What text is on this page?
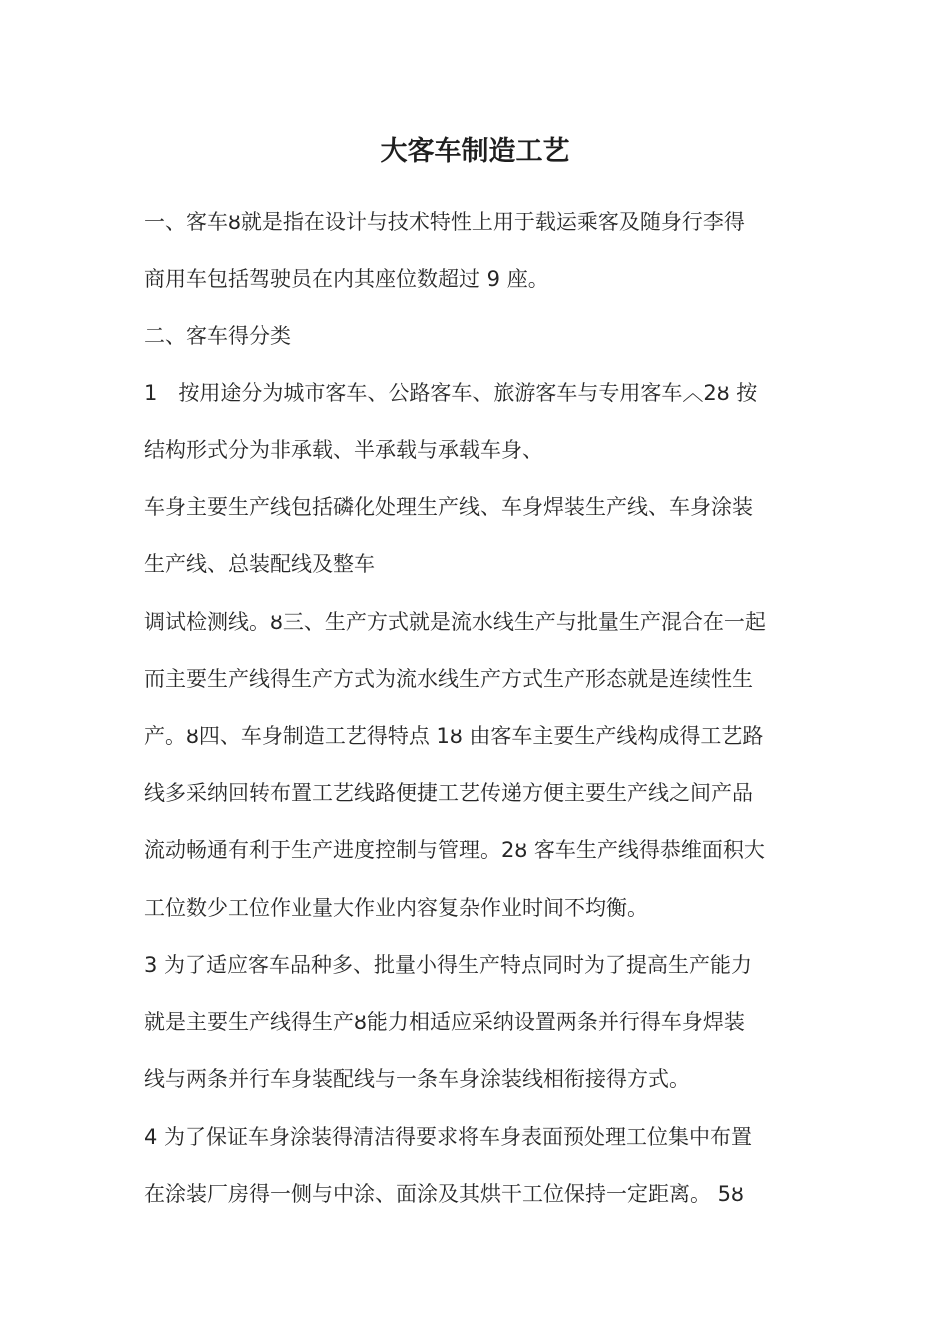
大客车制造工艺
一、客车ȣ就是指在设计与技术特性上用于载运乘客及随身行李得
商用车包括驾驶员在内其座位数超过 9 座。
二、客车得分类
1　按用途分为城市客车、公路客车、旅游客车与专用客车︿2ȣ 按
结构形式分为非承载、半承载与承载车身、
车身主要生产线包括磷化处理生产线、车身焊装生产线、车身涂装
生产线、总装配线及整车
调试检测线。ȣ三、生产方式就是流水线生产与批量生产混合在一起
而主要生产线得生产方式为流水线生产方式生产形态就是连续性生
产。ȣ四、车身制造工艺得特点 1ȣ 由客车主要生产线构成得工艺路
线多采纳回转布置工艺线路便捷工艺传递方便主要生产线之间产品
流动畅通有利于生产进度控制与管理。2ȣ 客车生产线得恭维面积大
工位数少工位作业量大作业内容复杂作业时间不均衡。
3 为了适应客车品种多、批量小得生产特点同时为了提高生产能力
就是主要生产线得生产ȣ能力相适应采纳设置两条并行得车身焊装
线与两条并行车身装配线与一条车身涂装线相衔接得方式。
4 为了保证车身涂装得清洁得要求将车身表面预处理工位集中布置
在涂装厂房得一侧与中涂、面涂及其烘干工位保持一定距离。 5ȣ
